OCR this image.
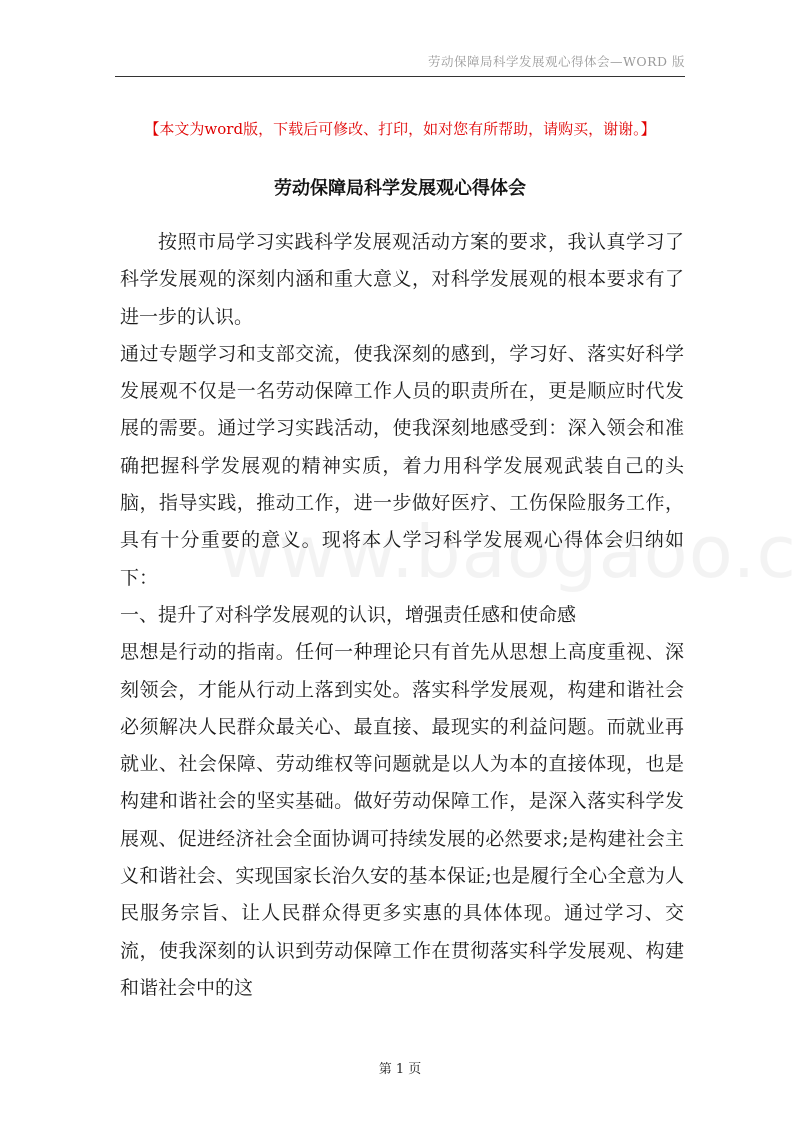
劳动保障局科学发展观心得体会—WORD 版
【本文为word版，下载后可修改、打印，如对您有所帮助，请购买，谢谢。】
劳动保障局科学发展观心得体会

按照市局学习实践科学发展观活动方案的要求，我认真学习了科学发展观的深刻内涵和重大意义，对科学发展观的根本要求有了进一步的认识。

通过专题学习和支部交流，使我深刻的感到，学习好、落实好科学发展观不仅是一名劳动保障工作人员的职责所在，更是顺应时代发展的需要。通过学习实践活动，使我深刻地感受到：深入领会和准确把握科学发展观的精神实质，着力用科学发展观武装自己的头脑，指导实践，推动工作，进一步做好医疗、工伤保险服务工作，具有十分重要的意义。现将本人学习科学发展观心得体会归纳如下：

一、提升了对科学发展观的认识，增强责任感和使命感

思想是行动的指南。任何一种理论只有首先从思想上高度重视、深刻领会，才能从行动上落到实处。落实科学发展观，构建和谐社会必须解决人民群众最关心、最直接、最现实的利益问题。而就业再就业、社会保障、劳动维权等问题就是以人为本的直接体现，也是构建和谐社会的坚实基础。做好劳动保障工作，是深入落实科学发展观、促进经济社会全面协调可持续发展的必然要求;是构建社会主义和谐社会、实现国家长治久安的基本保证;也是履行全心全意为人民服务宗旨、让人民群众得更多实惠的具体体现。通过学习、交流，使我深刻的认识到劳动保障工作在贯彻落实科学发展观、构建和谐社会中的这

第 1 页
